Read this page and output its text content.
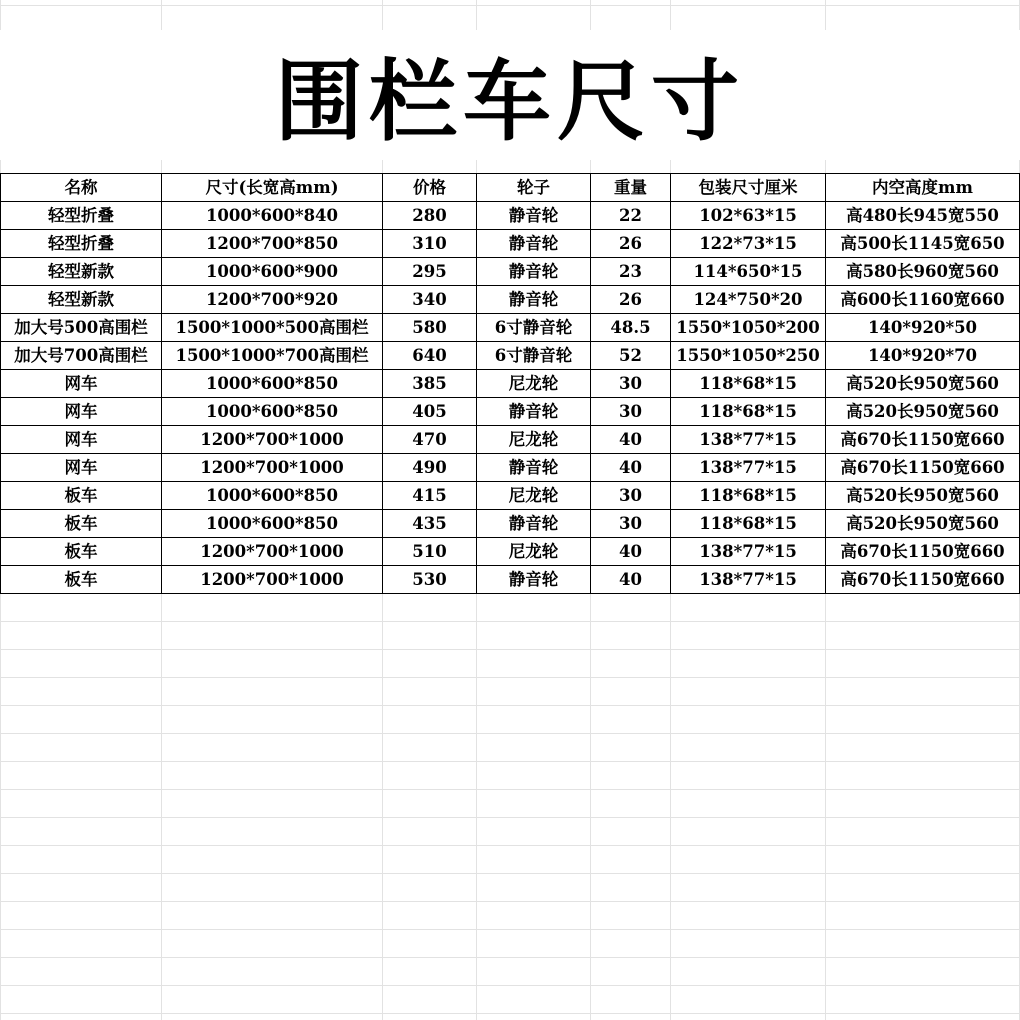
围栏车尺寸
名称	尺寸(长宽高mm)	价格	轮子	重量	包装尺寸厘米	内空高度mm
轻型折叠	1000*600*840	280	静音轮	22	102*63*15	高480长945宽550
轻型折叠	1200*700*850	310	静音轮	26	122*73*15	高500长1145宽650
轻型新款	1000*600*900	295	静音轮	23	114*650*15	高580长960宽560
轻型新款	1200*700*920	340	静音轮	26	124*750*20	高600长1160宽660
加大号500高围栏	1500*1000*500高围栏	580	6寸静音轮	48.5	1550*1050*200	140*920*50
加大号700高围栏	1500*1000*700高围栏	640	6寸静音轮	52	1550*1050*250	140*920*70
网车	1000*600*850	385	尼龙轮	30	118*68*15	高520长950宽560
网车	1000*600*850	405	静音轮	30	118*68*15	高520长950宽560
网车	1200*700*1000	470	尼龙轮	40	138*77*15	高670长1150宽660
网车	1200*700*1000	490	静音轮	40	138*77*15	高670长1150宽660
板车	1000*600*850	415	尼龙轮	30	118*68*15	高520长950宽560
板车	1000*600*850	435	静音轮	30	118*68*15	高520长950宽560
板车	1200*700*1000	510	尼龙轮	40	138*77*15	高670长1150宽660
板车	1200*700*1000	530	静音轮	40	138*77*15	高670长1150宽660
